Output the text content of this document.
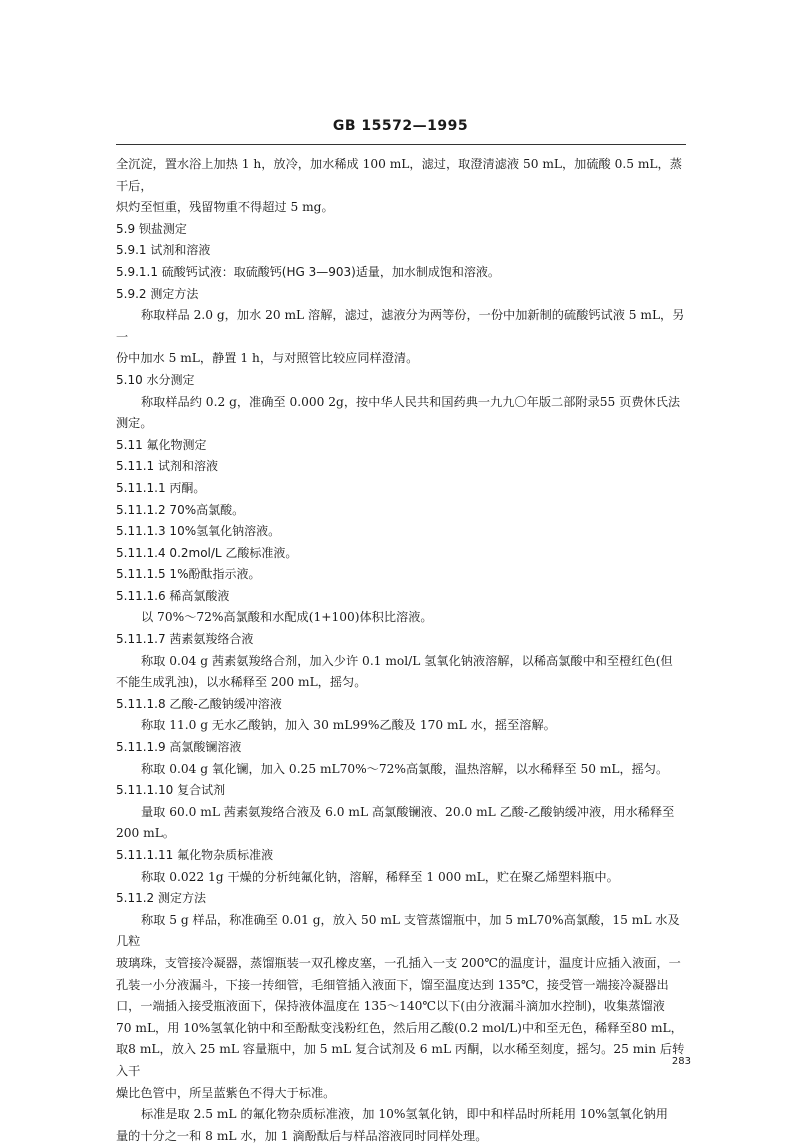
GB 15572—1995

全沉淀，置水浴上加热 1 h，放冷，加水稀成 100 mL，滤过，取澄清滤液 50 mL，加硫酸 0.5 mL，蒸干后，

炽灼至恒重，残留物重不得超过 5 mg。

5.9 钡盐测定

5.9.1 试剂和溶液

5.9.1.1 硫酸钙试液：取硫酸钙(HG 3—903)适量，加水制成饱和溶液。

5.9.2 测定方法

称取样品 2.0 g，加水 20 mL 溶解，滤过，滤液分为两等份，一份中加新制的硫酸钙试液 5 mL，另一

份中加水 5 mL，静置 1 h，与对照管比较应同样澄清。

5.10 水分测定

称取样品约 0.2 g，准确至 0.000 2g，按中华人民共和国药典一九九〇年版二部附录55 页费休氏法

测定。

5.11 氟化物测定

5.11.1 试剂和溶液

5.11.1.1 丙酮。

5.11.1.2 70%高氯酸。

5.11.1.3 10%氢氧化钠溶液。

5.11.1.4 0.2mol/L 乙酸标准液。

5.11.1.5 1%酚酞指示液。

5.11.1.6 稀高氯酸液

以 70%～72%高氯酸和水配成(1+100)体积比溶液。

5.11.1.7 茜素氨羧络合液

称取 0.04 g 茜素氨羧络合剂，加入少许 0.1 mol/L 氢氧化钠液溶解，以稀高氯酸中和至橙红色(但

不能生成乳浊)，以水稀释至 200 mL，摇匀。

5.11.1.8 乙酸-乙酸钠缓冲溶液

称取 11.0 g 无水乙酸钠，加入 30 mL99%乙酸及 170 mL 水，摇至溶解。

5.11.1.9 高氯酸镧溶液

称取 0.04 g 氧化镧，加入 0.25 mL70%～72%高氯酸，温热溶解，以水稀释至 50 mL，摇匀。

5.11.1.10 复合试剂

量取 60.0 mL 茜素氨羧络合液及 6.0 mL 高氯酸镧液、20.0 mL 乙酸-乙酸钠缓冲液，用水稀释至

200 mL。

5.11.1.11 氟化物杂质标准液

称取 0.022 1g 干燥的分析纯氟化钠，溶解，稀释至 1 000 mL，贮在聚乙烯塑料瓶中。

5.11.2 测定方法

称取 5 g 样品，称准确至 0.01 g，放入 50 mL 支管蒸馏瓶中，加 5 mL70%高氯酸，15 mL 水及几粒

玻璃珠，支管接冷凝器，蒸馏瓶装一双孔橡皮塞，一孔插入一支 200℃的温度计，温度计应插入液面，一

孔装一小分液漏斗，下接一抟细管，毛细管插入液面下，馏至温度达到 135℃，接受管一端接冷凝器出

口，一端插入接受瓶液面下，保持液体温度在 135～140℃以下(由分液漏斗滴加水控制)，收集蒸馏液

70 mL，用 10%氢氧化钠中和至酚酞变浅粉红色，然后用乙酸(0.2 mol/L)中和至无色，稀释至80 mL，

取8 mL，放入 25 mL 容量瓶中，加 5 mL 复合试剂及 6 mL 丙酮，以水稀至刻度，摇匀。25 min 后转入干

燥比色管中，所呈蓝紫色不得大于标准。

标准是取 2.5 mL 的氟化物杂质标准液，加 10%氢氧化钠，即中和样品时所耗用 10%氢氧化钠用

量的十分之一和 8 mL 水，加 1 滴酚酞后与样品溶液同时同样处理。

283
